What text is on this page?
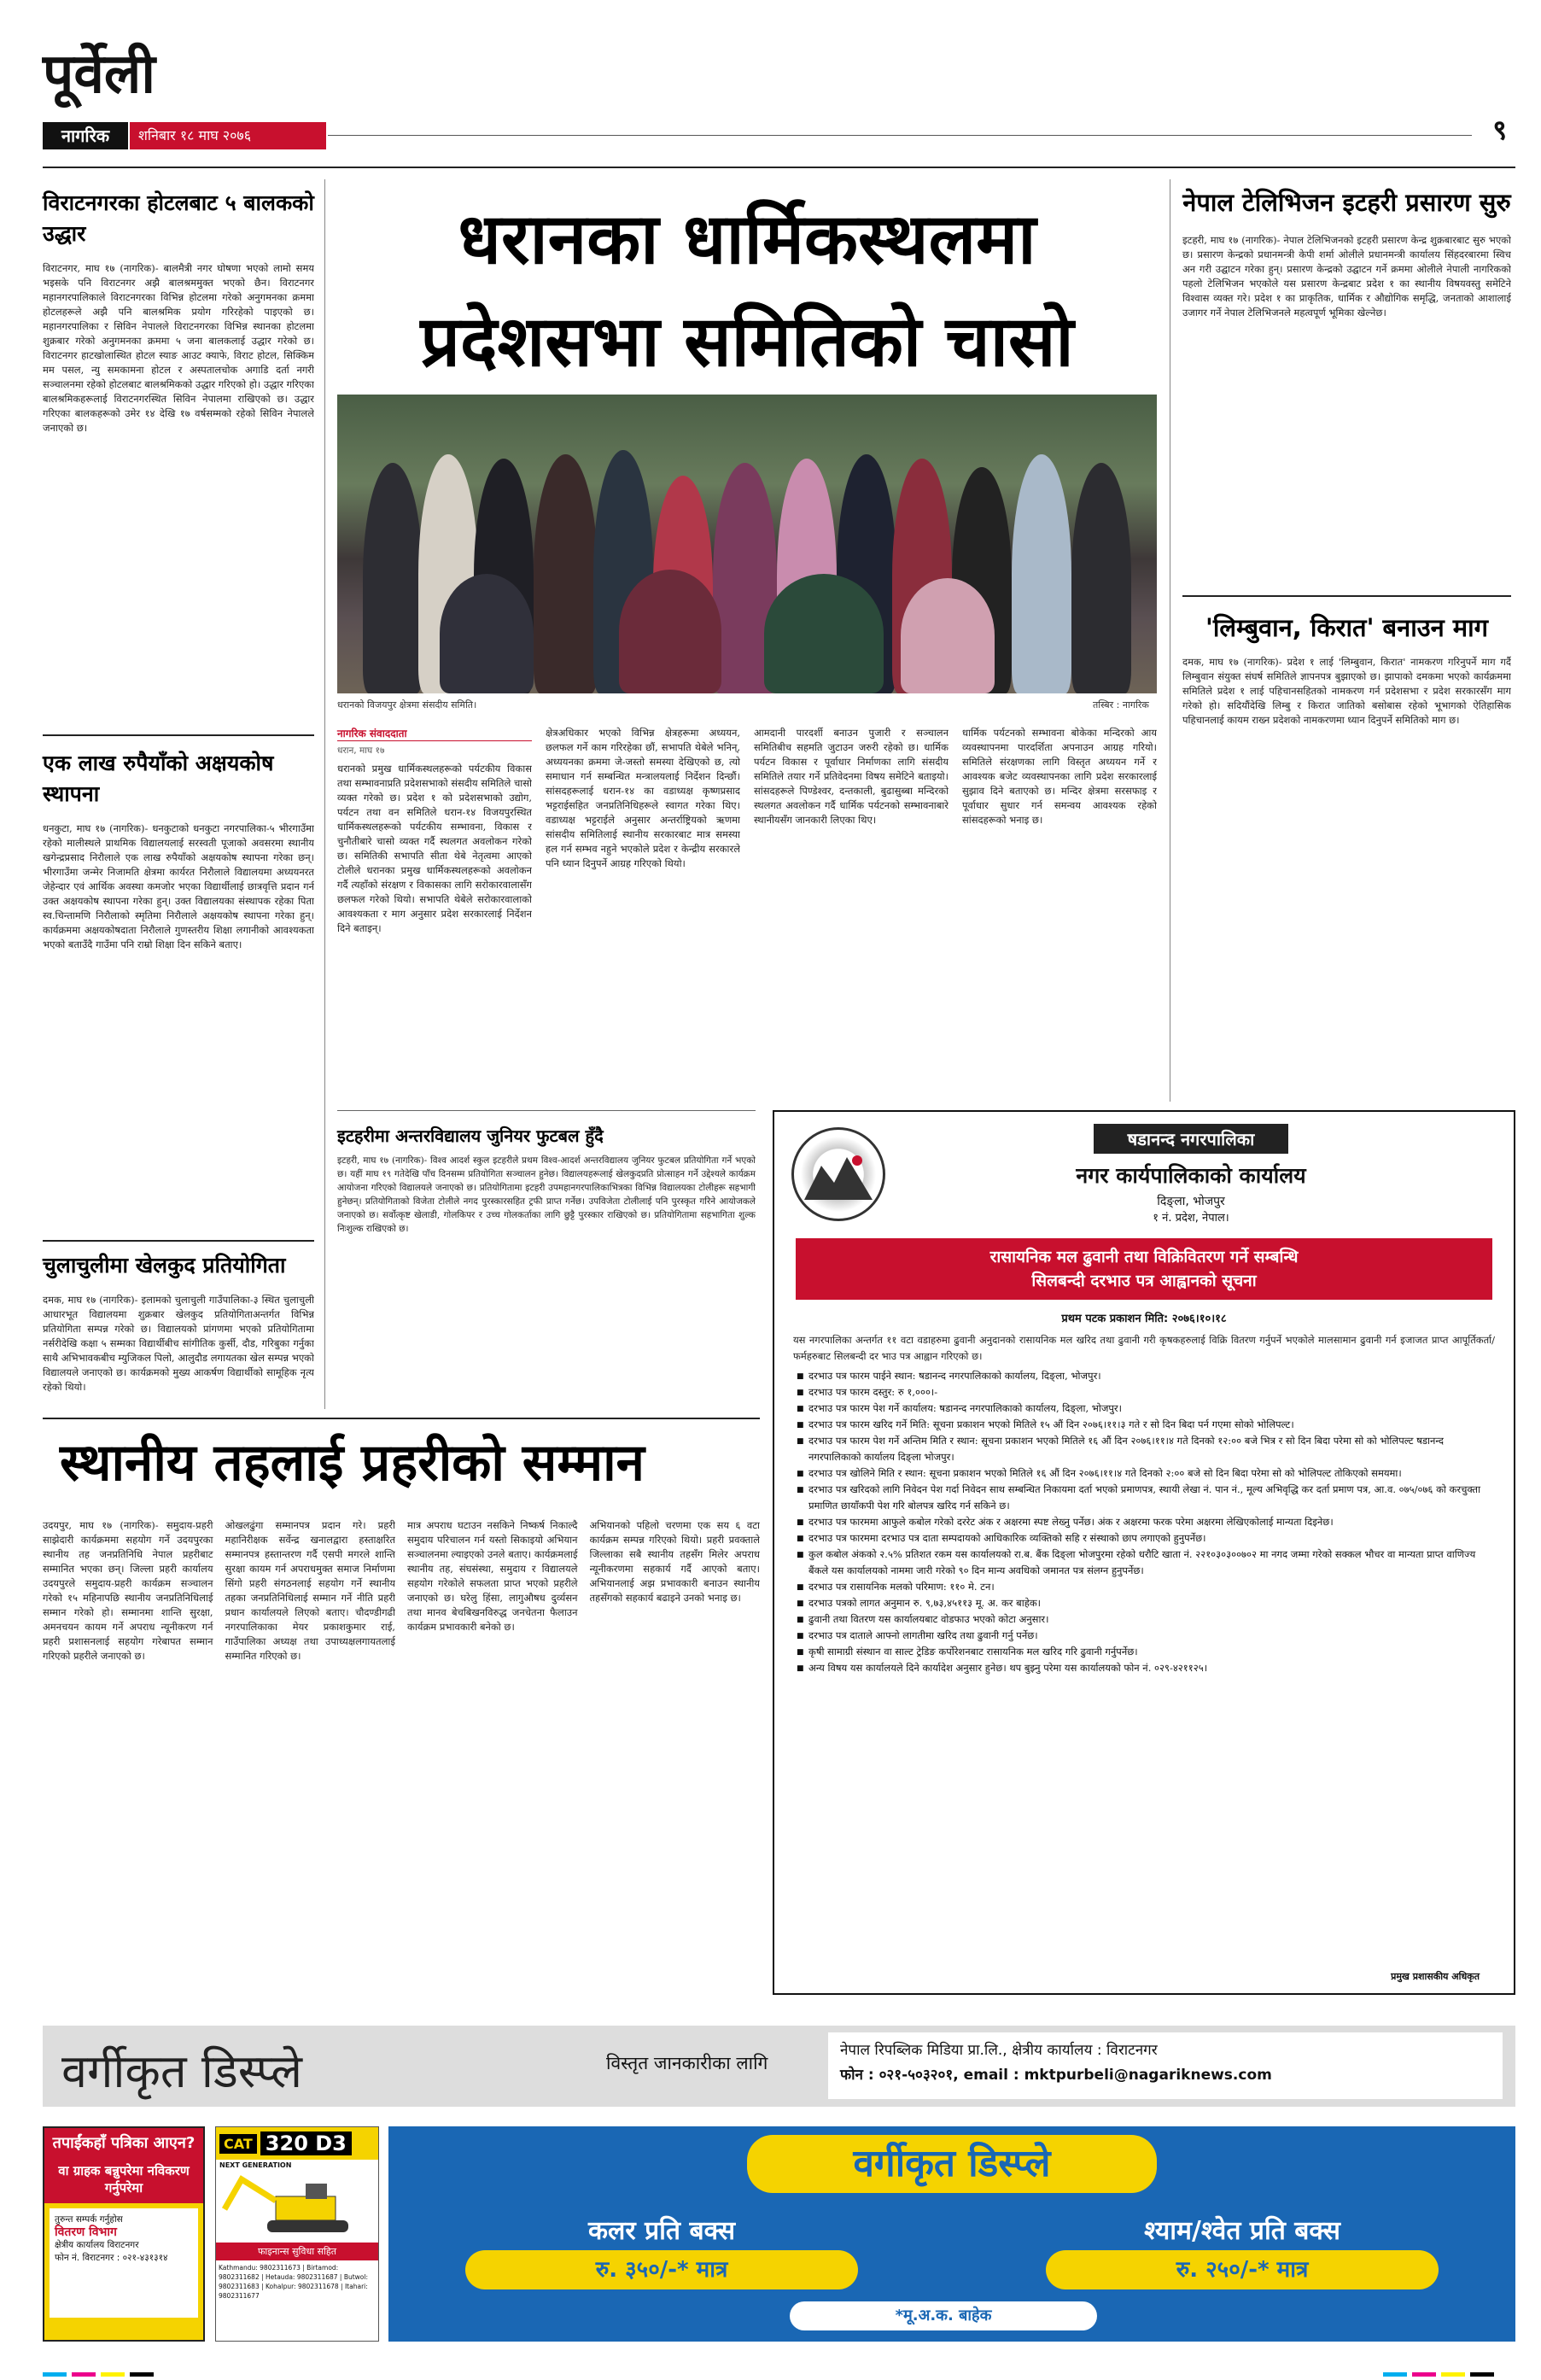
पूर्वेली
नागरिक	शनिबार १८ माघ २०७६	९
विराटनगरका होटलबाट ५ बालकको उद्धार

विराटनगर, माघ १७ (नागरिक)- बालमैत्री नगर घोषणा भएको लामो समय भइसके पनि विराटनगर अझै बालश्रममुक्त भएको छैन। विराटनगर महानगरपालिकाले विराटनगरका विभिन्न होटलमा गरेको अनुगमनका क्रममा होटलहरूले अझै पनि बालश्रमिक प्रयोग गरिरहेको पाइएको छ। महानगरपालिका र सिविन नेपालले विराटनगरका विभिन्न स्थानका होटलमा शुक्रबार गरेको अनुगमनका क्रममा ५ जना बालकलाई उद्धार गरेको छ। विराटनगर हाटखोलास्थित होटल स्याङ आउट क्याफे, विराट होटल, सिक्किम मम पसल, न्यु समकामना होटल र अस्पतालचोक अगाडि दर्ता नगरी सञ्चालनमा रहेको होटलबाट बालश्रमिकको उद्धार गरिएको हो। उद्धार गरिएका बालश्रमिकहरूलाई विराटनगरस्थित सिविन नेपालमा राखिएको छ। उद्धार गरिएका बालकहरूको उमेर १४ देखि १७ वर्षसम्मको रहेको सिविन नेपालले जनाएको छ।

एक लाख रुपैयाँको अक्षयकोष स्थापना

धनकुटा, माघ १७ (नागरिक)- धनकुटाको धनकुटा नगरपालिका-५ भीरगाउँमा रहेको मालीस्थले प्राथमिक विद्यालयलाई सरस्वती पूजाको अवसरमा स्थानीय खगेन्द्रप्रसाद निरौलाले एक लाख रुपैयाँको अक्षयकोष स्थापना गरेका छन्। भीरगाउँमा जन्मेर निजामति क्षेत्रमा कार्यरत निरौलाले विद्यालयमा अध्ययनरत जेहेन्दार एवं आर्थिक अवस्था कमजोर भएका विद्यार्थीलाई छात्रवृत्ति प्रदान गर्न उक्त अक्षयकोष स्थापना गरेका हुन्। उक्त विद्यालयका संस्थापक रहेका पिता स्व.चिन्तामणि निरौलाको स्मृतिमा निरौलाले अक्षयकोष स्थापना गरेका हुन्। कार्यक्रममा अक्षयकोषदाता निरौलाले गुणस्तरीय शिक्षा लगानीको आवश्यकता भएको बताउँदै गाउँमा पनि राम्रो शिक्षा दिन सकिने बताए।

चुलाचुलीमा खेलकुद प्रतियोगिता

दमक, माघ १७ (नागरिक)- इलामको चुलाचुली गाउँपालिका-३ स्थित चुलाचुली आधारभूत विद्यालयमा शुक्रबार खेलकुद प्रतियोगिताअन्तर्गत विभिन्न प्रतियोगिता सम्पन्न गरेको छ। विद्यालयको प्रांगणमा भएको प्रतियोगितामा नर्सरीदेखि कक्षा ५ सम्मका विद्यार्थीबीच सांगीतिक कुर्सी, दौड, गरिबुका गर्नुका साथै अभिभावकबीच म्युजिकल पिलो, आलुदौड लगायतका खेल सम्पन्न भएको विद्यालयले जनाएको छ। कार्यक्रमको मुख्य आकर्षण विद्यार्थीको सामूहिक नृत्य रहेको थियो।

धरानका धार्मिकस्थलमा
प्रदेशसभा समितिको चासो
धरानको विजयपुर क्षेत्रमा संसदीय समिति।	तस्बिर : नागरिक
नागरिक संवाददाता
धरान, माघ १७

धरानको प्रमुख धार्मिकस्थलहरूको पर्यटकीय विकास तथा सम्भावनाप्रति प्रदेशसभाको संसदीय समितिले चासो व्यक्त गरेको छ। प्रदेश १ को प्रदेशसभाको उद्योग, पर्यटन तथा वन समितिले धरान-१४ विजयपुरस्थित धार्मिकस्थलहरूको पर्यटकीय सम्भावना, विकास र चुनौतीबारे चासो व्यक्त गर्दै स्थलगत अवलोकन गरेको छ। समितिकी सभापति सीता थेबे नेतृत्वमा आएको टोलीले धरानका प्रमुख धार्मिकस्थलहरूको अवलोकन गर्दै त्यहाँको संरक्षण र विकासका लागि सरोकारवालासँग छलफल गरेको थियो। सभापति थेबेले सरोकारवालाको आवश्यकता र माग अनुसार प्रदेश सरकारलाई निर्देशन दिने बताइन्।

क्षेत्रअधिकार भएको विभिन्न क्षेत्रहरूमा अध्ययन, छलफल गर्ने काम गरिरहेका छौं, सभापति थेबेले भनिन्, अध्ययनका क्रममा जे-जस्तो समस्या देखिएको छ, त्यो समाधान गर्न सम्बन्धित मन्त्रालयलाई निर्देशन दिन्छौं। सांसदहरूलाई धरान-१४ का वडाध्यक्ष कृष्णप्रसाद भट्टराईसहित जनप्रतिनिधिहरूले स्वागत गरेका थिए। वडाध्यक्ष भट्टराईले अनुसार अन्तर्राष्ट्रियको ऋणमा सांसदीय समितिलाई स्थानीय सरकारबाट मात्र समस्या हल गर्न सम्भव नहुने भएकोले प्रदेश र केन्द्रीय सरकारले पनि ध्यान दिनुपर्ने आग्रह गरिएको थियो।

आमदानी पारदर्शी बनाउन पुजारी र सञ्चालन समितिबीच सहमति जुटाउन जरुरी रहेको छ। धार्मिक पर्यटन विकास र पूर्वाधार निर्माणका लागि संसदीय समितिले तयार गर्ने प्रतिवेदनमा विषय समेटिने बताइयो। सांसदहरूले पिण्डेश्वर, दन्तकाली, बुढासुब्बा मन्दिरको स्थलगत अवलोकन गर्दै धार्मिक पर्यटनको सम्भावनाबारे स्थानीयसँग जानकारी लिएका थिए।

धार्मिक पर्यटनको सम्भावना बोकेका मन्दिरको आय व्यवस्थापनमा पारदर्शिता अपनाउन आग्रह गरियो। समितिले संरक्षणका लागि विस्तृत अध्ययन गर्ने र आवश्यक बजेट व्यवस्थापनका लागि प्रदेश सरकारलाई सुझाव दिने बताएको छ। मन्दिर क्षेत्रमा सरसफाइ र पूर्वाधार सुधार गर्न समन्वय आवश्यक रहेको सांसदहरूको भनाइ छ।

नेपाल टेलिभिजन इटहरी प्रसारण सुरु

इटहरी, माघ १७ (नागरिक)- नेपाल टेलिभिजनको इटहरी प्रसारण केन्द्र शुक्रबारबाट सुरु भएको छ। प्रसारण केन्द्रको प्रधानमन्त्री केपी शर्मा ओलीले प्रधानमन्त्री कार्यालय सिंहदरबारमा स्विच अन गरी उद्घाटन गरेका हुन्। प्रसारण केन्द्रको उद्घाटन गर्ने क्रममा ओलीले नेपाली नागरिकको पहलो टेलिभिजन भएकोले यस प्रसारण केन्द्रबाट प्रदेश १ का स्थानीय विषयवस्तु समेटिने विश्वास व्यक्त गरे। प्रदेश १ का प्राकृतिक, धार्मिक र औद्योगिक समृद्धि, जनताको आशालाई उजागर गर्ने नेपाल टेलिभिजनले महत्वपूर्ण भूमिका खेल्नेछ।

'लिम्बुवान, किरात' बनाउन माग

दमक, माघ १७ (नागरिक)- प्रदेश १ लाई 'लिम्बुवान, किरात' नामकरण गरिनुपर्ने माग गर्दै लिम्बुवान संयुक्त संघर्ष समितिले ज्ञापनपत्र बुझाएको छ। झापाको दमकमा भएको कार्यक्रममा समितिले प्रदेश १ लाई पहिचानसहितको नामकरण गर्न प्रदेशसभा र प्रदेश सरकारसँग माग गरेको हो। सदियौंदेखि लिम्बु र किरात जातिको बसोबास रहेको भूभागको ऐतिहासिक पहिचानलाई कायम राख्न प्रदेशको नामकरणमा ध्यान दिनुपर्ने समितिको माग छ।

इटहरीमा अन्तरविद्यालय जुनियर फुटबल हुँदै

इटहरी, माघ १७ (नागरिक)- विश्व आदर्श स्कुल इटहरीले प्रथम विश्व-आदर्श अन्तरविद्यालय जुनियर फुटबल प्रतियोगिता गर्ने भएको छ। यहीं माघ १९ गतेदेखि पाँच दिनसम्म प्रतियोगिता सञ्चालन हुनेछ। विद्यालयहरूलाई खेलकुदप्रति प्रोत्साहन गर्ने उद्देश्यले कार्यक्रम आयोजना गरिएको विद्यालयले जनाएको छ। प्रतियोगितामा इटहरी उपमहानगरपालिकाभित्रका विभिन्न विद्यालयका टोलीहरू सहभागी हुनेछन्। प्रतियोगिताको विजेता टोलीले नगद पुरस्कारसहित ट्रफी प्राप्त गर्नेछ। उपविजेता टोलीलाई पनि पुरस्कृत गरिने आयोजकले जनाएको छ। सर्वोत्कृष्ट खेलाडी, गोलकिपर र उच्च गोलकर्ताका लागि छुट्टै पुरस्कार राखिएको छ। प्रतियोगितामा सहभागिता शुल्क निःशुल्क राखिएको छ।

षडानन्द नगरपालिका
नगर कार्यपालिकाको कार्यालय
दिङ्ला, भोजपुर
१ नं. प्रदेश, नेपाल।
रासायनिक मल ढुवानी तथा विक्रिवितरण गर्ने सम्बन्धि
सिलबन्दी दरभाउ पत्र आह्वानको सूचना
प्रथम पटक प्रकाशन मिति: २०७६।१०।१८

यस नगरपालिका अन्तर्गत ११ वटा वडाहरुमा ढुवानी अनुदानको रासायनिक मल खरिद तथा ढुवानी गरी कृषकहरुलाई विक्रि वितरण गर्नुपर्ने भएकोले मालसामान ढुवानी गर्न इजाजत प्राप्त आपूर्तिकर्ता/फर्महरुबाट सिलबन्दी दर भाउ पत्र आह्वान गरिएको छ।

■ दरभाउ पत्र फारम पाईने स्थान: षडानन्द नगरपालिकाको कार्यालय, दिङ्ला, भोजपुर।
■ दरभाउ पत्र फारम दस्तुर: रु १,०००।-
■ दरभाउ पत्र फारम पेश गर्ने कार्यालय: षडानन्द नगरपालिकाको कार्यालय, दिङ्ला, भोजपुर।
■ दरभाउ पत्र फारम खरिद गर्ने मिति: सूचना प्रकाशन भएको मितिले १५ औं दिन २०७६।११।३ गते र सो दिन बिदा पर्न गएमा सोको भोलिपल्ट।
■ दरभाउ पत्र फारम पेश गर्ने अन्तिम मिति र स्थान: सूचना प्रकाशन भएको मितिले १६ औं दिन २०७६।११।४ गते दिनको १२:०० बजे भित्र र सो दिन बिदा परेमा सो को भोलिपल्ट षडानन्द नगरपालिकाको कार्यालय दिङ्ला भोजपुर।
■ दरभाउ पत्र खोलिने मिति र स्थान: सूचना प्रकाशन भएको मितिले १६ औं दिन २०७६।११।४ गते दिनको २:०० बजे सो दिन बिदा परेमा सो को भोलिपल्ट तोकिएको समयमा।
■ दरभाउ पत्र खरिदको लागि निवेदन पेश गर्दा निवेदन साथ सम्बन्धित निकायमा दर्ता भएको प्रमाणपत्र, स्थायी लेखा नं. पान नं., मूल्य अभिवृद्धि कर दर्ता प्रमाण पत्र, आ.व. ०७५/०७६ को करचुक्ता प्रमाणित छायाँकपी पेश गरि बोलपत्र खरिद गर्न सकिने छ।
■ दरभाउ पत्र फारममा आफुले कबोल गरेको दररेट अंक र अक्षरमा स्पष्ट लेख्नु पर्नेछ। अंक र अक्षरमा फरक परेमा अक्षरमा लेखिएकोलाई मान्यता दिइनेछ।
■ दरभाउ पत्र फारममा दरभाउ पत्र दाता सम्पदायको आधिकारिक व्यक्तिको सहि र संस्थाको छाप लगाएको हुनुपर्नेछ।
■ कुल कबोल अंकको २.५% प्रतिशत रकम यस कार्यालयको रा.ब. बैंक दिङ्ला भोजपुरमा रहेको धरौटि खाता नं. २२१०३०३००७०२ मा नगद जम्मा गरेको सक्कल भौचर वा मान्यता प्राप्त वाणिज्य बैंकले यस कार्यालयको नाममा जारी गरेको ९० दिन मान्य अवधिको जमानत पत्र संलग्न हुनुपर्नेछ।
■ दरभाउ पत्र रासायनिक मलको परिमाण: ११० मे. टन।
■ दरभाउ पत्रको लागत अनुमान रु. ९,७३,४५११३ मू. अ. कर बाहेक।
■ ढुवानी तथा वितरण यस कार्यालयबाट वोडफाउ भएको कोटा अनुसार।
■ दरभाउ पत्र दाताले आफ्नो लागतीमा खरिद तथा ढुवानी गर्नु पर्नेछ।
■ कृषी सामाग्री संस्थान वा साल्ट ट्रेडिङ कर्पोरेशनबाट रासायनिक मल खरिद गरि ढुवानी गर्नुपर्नेछ।
■ अन्य विषय यस कार्यालयले दिने कार्यादेश अनुसार हुनेछ। थप बुझ्नु परेमा यस कार्यालयको फोन नं. ०२९-४२११२५।
प्रमुख प्रशासकीय अधिकृत
स्थानीय तहलाई प्रहरीको सम्मान

उदयपुर, माघ १७ (नागरिक)- समुदाय-प्रहरी साझेदारी कार्यक्रममा सहयोग गर्ने उदयपुरका स्थानीय तह जनप्रतिनिधि नेपाल प्रहरीबाट सम्मानित भएका छन्। जिल्ला प्रहरी कार्यालय उदयपुरले समुदाय-प्रहरी कार्यक्रम सञ्चालन गरेको १५ महिनापछि स्थानीय जनप्रतिनिधिलाई सम्मान गरेको हो। सम्मानमा शान्ति सुरक्षा, अमनचयन कायम गर्ने अपराध न्यूनीकरण गर्न प्रहरी प्रशासनलाई सहयोग गरेबापत सम्मान गरिएको प्रहरीले जनाएको छ।

ओखलढुंगा सम्मानपत्र प्रदान गरे। प्रहरी महानिरीक्षक सर्वेन्द्र खनालद्वारा हस्ताक्षरित सम्मानपत्र हस्तान्तरण गर्दै एसपी मगरले शान्ति सुरक्षा कायम गर्न अपराधमुक्त समाज निर्माणमा सिंगो प्रहरी संगठनलाई सहयोग गर्ने स्थानीय तहका जनप्रतिनिधिलाई सम्मान गर्ने नीति प्रहरी प्रधान कार्यालयले लिएको बताए। चौदण्डीगढी नगरपालिकाका मेयर प्रकाशकुमार राई, गाउँपालिका अध्यक्ष तथा उपाध्यक्षलगायतलाई सम्मानित गरिएको छ।

मात्र अपराध घटाउन नसकिने निष्कर्ष निकाल्दै समुदाय परिचालन गर्न यस्तो सिकाइयो अभियान सञ्चालनमा ल्याइएको उनले बताए। कार्यक्रमलाई स्थानीय तह, संघसंस्था, समुदाय र विद्यालयले सहयोग गरेकोले सफलता प्राप्त भएको प्रहरीले जनाएको छ। घरेलु हिंसा, लागुऔषध दुर्व्यसन तथा मानव बेचबिखनविरुद्ध जनचेतना फैलाउन कार्यक्रम प्रभावकारी बनेको छ।

अभियानको पहिलो चरणमा एक सय ६ वटा कार्यक्रम सम्पन्न गरिएको थियो। प्रहरी प्रवक्ताले जिल्लाका सबै स्थानीय तहसँग मिलेर अपराध न्यूनीकरणमा सहकार्य गर्दै आएको बताए। अभियानलाई अझ प्रभावकारी बनाउन स्थानीय तहसँगको सहकार्य बढाइने उनको भनाइ छ।

वर्गीकृत डिस्प्ले	विस्तृत जानकारीका लागि
नेपाल रिपब्लिक मिडिया प्रा.लि., क्षेत्रीय कार्यालय : विराटनगर
फोन : ०२१-५०३२०१, email : mktpurbeli@nagariknews.com
तपाईंकहाँ पत्रिका आएन?
वा ग्राहक बन्नुपरेमा नविकरण गर्नुपरेमा
तुरुन्त सम्पर्क गर्नुहोस
वितरण विभाग
क्षेत्रीय कार्यालय विराटनगर
फोन नं. विराटनगर : ०२१-४३१३१४
CAT 320 D3
NEXT GENERATION
फाइनान्स सुविधा सहित
Kathmandu: 9802311673 | Birtamod: 9802311682 | Hetauda: 9802311687 | Butwol: 9802311683 | Kohalpur: 9802311678 | Itahari: 9802311677
वर्गीकृत डिस्प्ले
कलर प्रति बक्स
रु. ३५०/-* मात्र
श्याम/श्वेत प्रति बक्स
रु. २५०/-* मात्र
*मू.अ.क. बाहेक
